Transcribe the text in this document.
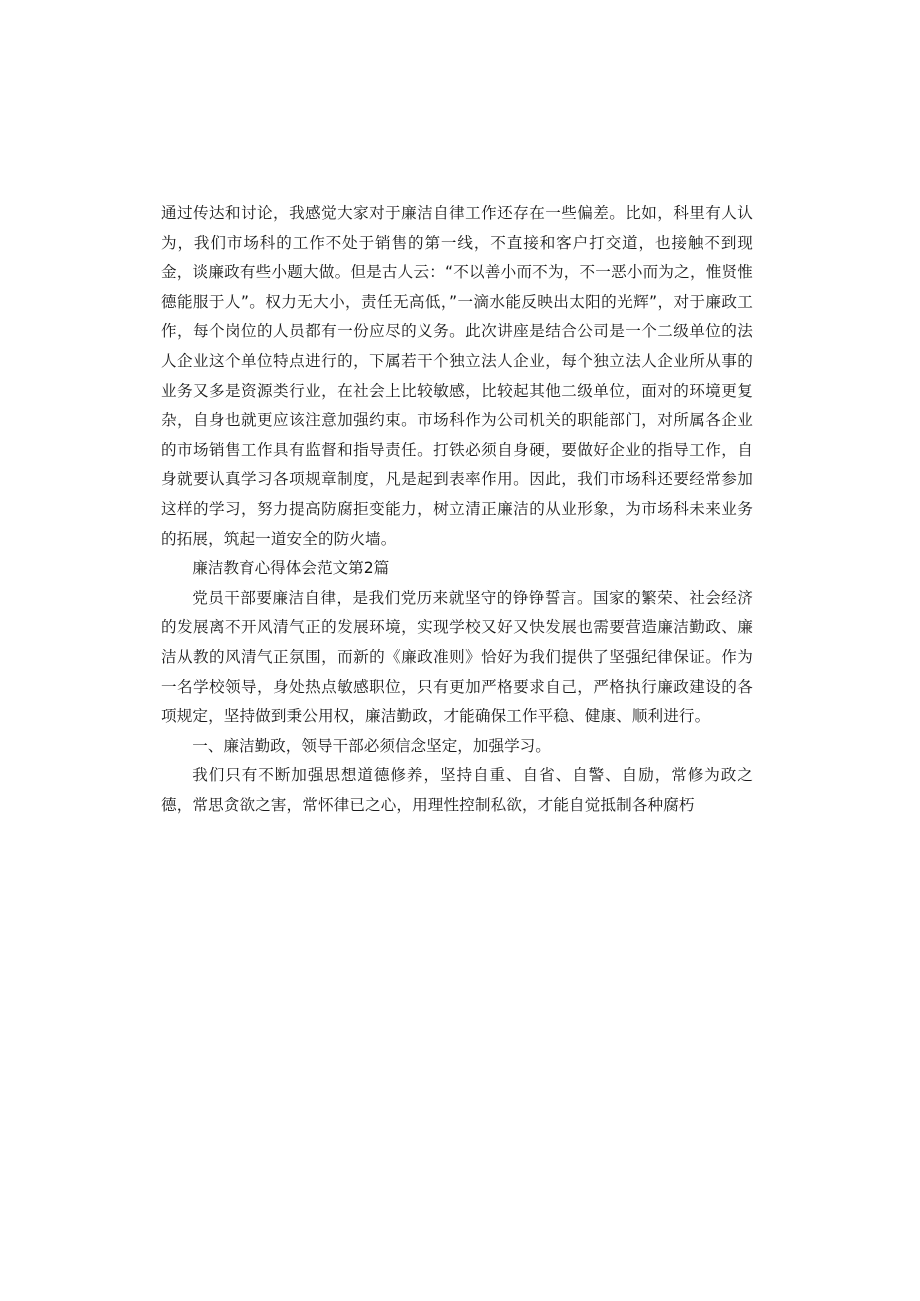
通过传达和讨论，我感觉大家对于廉洁自律工作还存在一些偏差。比如，科里有人认为，我们市场科的工作不处于销售的第一线，不直接和客户打交道，也接触不到现金，谈廉政有些小题大做。但是古人云：“不以善小而不为，不一恶小而为之，惟贤惟德能服于人”。权力无大小，责任无高低，”一滴水能反映出太阳的光辉”，对于廉政工作，每个岗位的人员都有一份应尽的义务。此次讲座是结合公司是一个二级单位的法人企业这个单位特点进行的，下属若干个独立法人企业，每个独立法人企业所从事的业务又多是资源类行业，在社会上比较敏感，比较起其他二级单位，面对的环境更复杂，自身也就更应该注意加强约束。市场科作为公司机关的职能部门，对所属各企业的市场销售工作具有监督和指导责任。打铁必须自身硬，要做好企业的指导工作，自身就要认真学习各项规章制度，凡是起到表率作用。因此，我们市场科还要经常参加这样的学习，努力提高防腐拒变能力，树立清正廉洁的从业形象，为市场科未来业务的拓展，筑起一道安全的防火墙。

廉洁教育心得体会范文第2篇

党员干部要廉洁自律，是我们党历来就坚守的铮铮誓言。国家的繁荣、社会经济的发展离不开风清气正的发展环境，实现学校又好又快发展也需要营造廉洁勤政、廉洁从教的风清气正氛围，而新的《廉政准则》恰好为我们提供了坚强纪律保证。作为一名学校领导，身处热点敏感职位，只有更加严格要求自己，严格执行廉政建设的各项规定，坚持做到秉公用权，廉洁勤政，才能确保工作平稳、健康、顺利进行。

一、廉洁勤政，领导干部必须信念坚定，加强学习。

我们只有不断加强思想道德修养，坚持自重、自省、自警、自励，常修为政之德，常思贪欲之害，常怀律已之心，用理性控制私欲，才能自觉抵制各种腐朽
